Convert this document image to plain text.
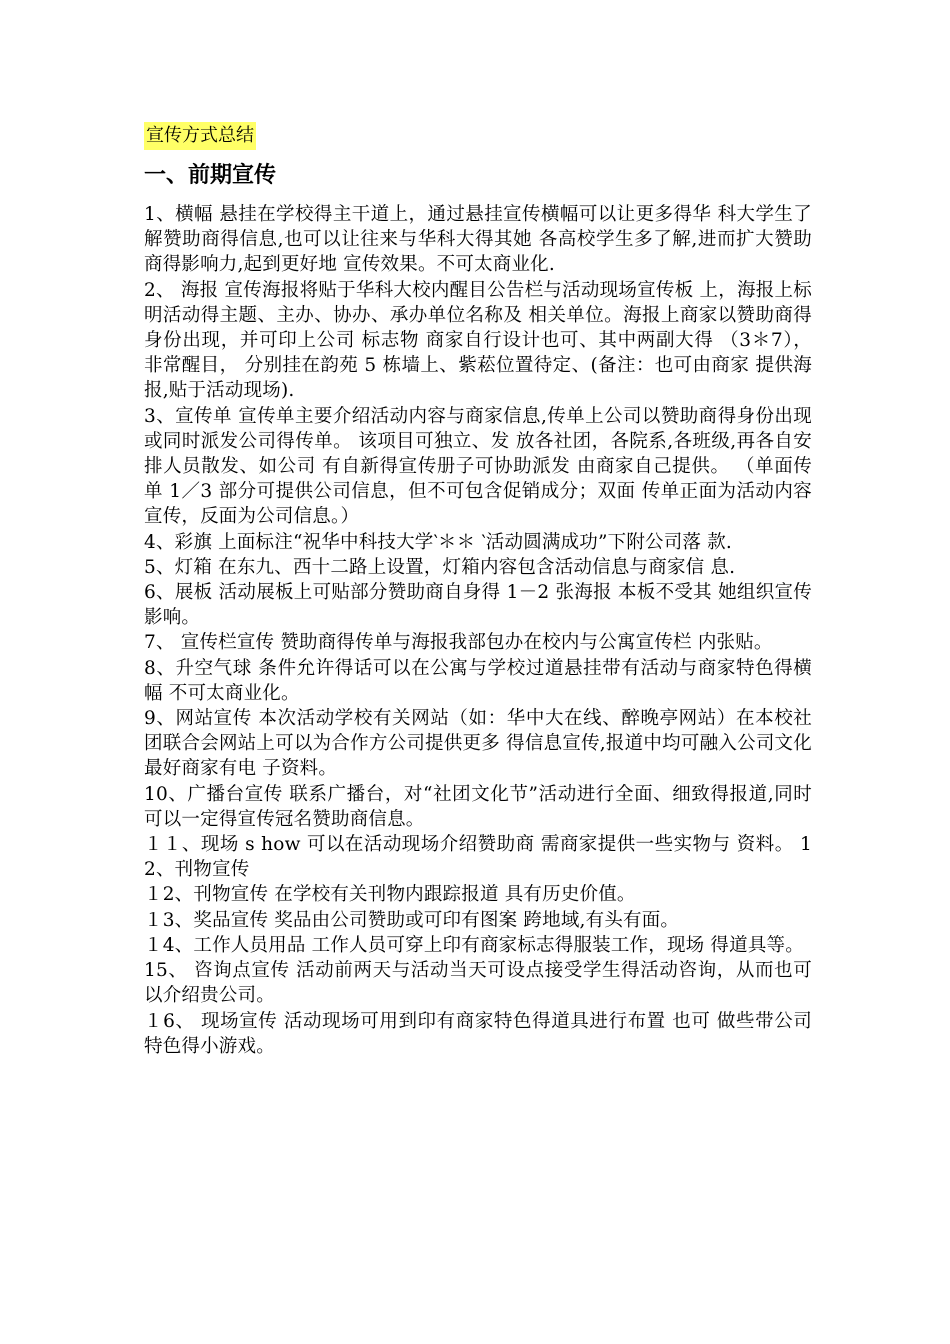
宣传方式总结
一、前期宣传
1、横幅 悬挂在学校得主干道上，通过悬挂宣传横幅可以让更多得华 科大学生了解赞助商得信息,也可以让往来与华科大得其她 各高校学生多了解,进而扩大赞助商得影响力,起到更好地 宣传效果。不可太商业化.
2、 海报 宣传海报将贴于华科大校内醒目公告栏与活动现场宣传板 上，海报上标明活动得主题、主办、协办、承办单位名称及 相关单位。海报上商家以赞助商得身份出现，并可印上公司 标志物 商家自行设计也可、其中两副大得 （3＊7），非常醒目， 分别挂在韵苑 5 栋墙上、紫菘位置待定、(备注：也可由商家 提供海报,贴于活动现场).
3、宣传单 宣传单主要介绍活动内容与商家信息,传单上公司以赞助商得身份出现或同时派发公司得传单。 该项目可独立、发 放各社团，各院系,各班级,再各自安排人员散发、如公司 有自新得宣传册子可协助派发 由商家自己提供。 （单面传 单 1／3 部分可提供公司信息，但不可包含促销成分；双面 传单正面为活动内容宣传，反面为公司信息。）
4、彩旗 上面标注“祝华中科技大学‵＊＊ ‵活动圆满成功”下附公司落 款.
5、灯箱 在东九、西十二路上设置，灯箱内容包含活动信息与商家信 息.
6、展板 活动展板上可贴部分赞助商自身得 1－2 张海报 本板不受其 她组织宣传影响。
7、 宣传栏宣传 赞助商得传单与海报我部包办在校内与公寓宣传栏 内张贴。
8、升空气球 条件允许得话可以在公寓与学校过道悬挂带有活动与商家特色得横幅 不可太商业化。
9、网站宣传 本次活动学校有关网站（如：华中大在线、醉晚亭网站）在本校社团联合会网站上可以为合作方公司提供更多 得信息宣传,报道中均可融入公司文化 最好商家有电 子资料。
10、广播台宣传 联系广播台，对“社团文化节”活动进行全面、细致得报道,同时可以一定得宣传冠名赞助商信息。
１１、现场 s how 可以在活动现场介绍赞助商 需商家提供一些实物与 资料。 12、刊物宣传
１2、刊物宣传 在学校有关刊物内跟踪报道 具有历史价值。
１3、奖品宣传 奖品由公司赞助或可印有图案 跨地域,有头有面。
１4、工作人员用品 工作人员可穿上印有商家标志得服装工作，现场 得道具等。
15、 咨询点宣传 活动前两天与活动当天可设点接受学生得活动咨询，从而也可以介绍贵公司。
１6、 现场宣传 活动现场可用到印有商家特色得道具进行布置 也可 做些带公司特色得小游戏。
